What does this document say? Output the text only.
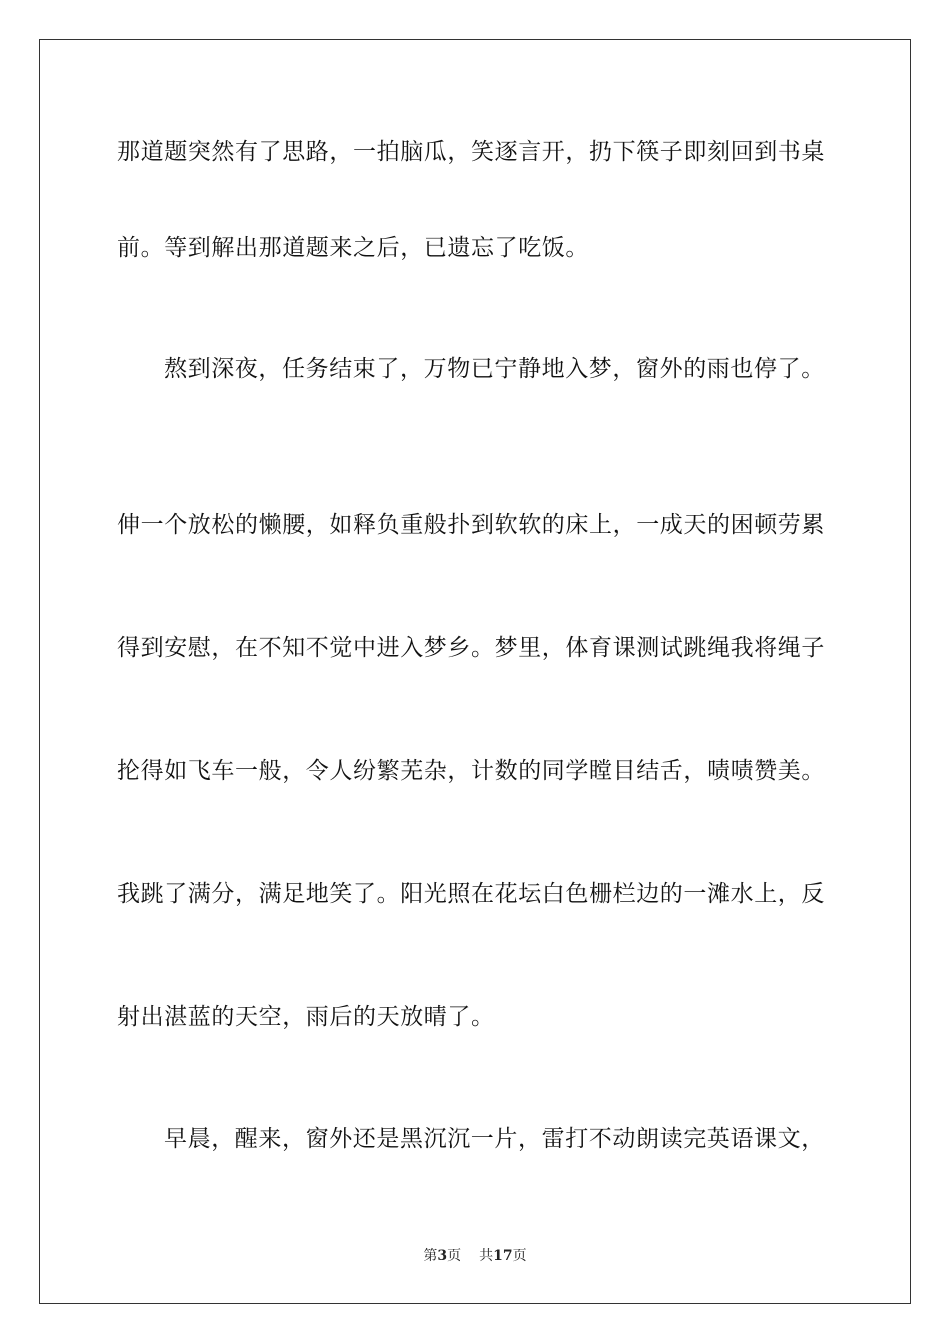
那道题突然有了思路，一拍脑瓜，笑逐言开，扔下筷子即刻回到书桌
前。等到解出那道题来之后，已遗忘了吃饭。
熬到深夜，任务结束了，万物已宁静地入梦，窗外的雨也停了。
伸一个放松的懒腰，如释负重般扑到软软的床上，一成天的困顿劳累
得到安慰，在不知不觉中进入梦乡。梦里，体育课测试跳绳我将绳子
抡得如飞车一般，令人纷繁芜杂，计数的同学瞠目结舌，啧啧赞美。
我跳了满分，满足地笑了。阳光照在花坛白色栅栏边的一滩水上，反
射出湛蓝的天空，雨后的天放晴了。
早晨，醒来，窗外还是黑沉沉一片，雷打不动朗读完英语课文，
第3页 共17页
